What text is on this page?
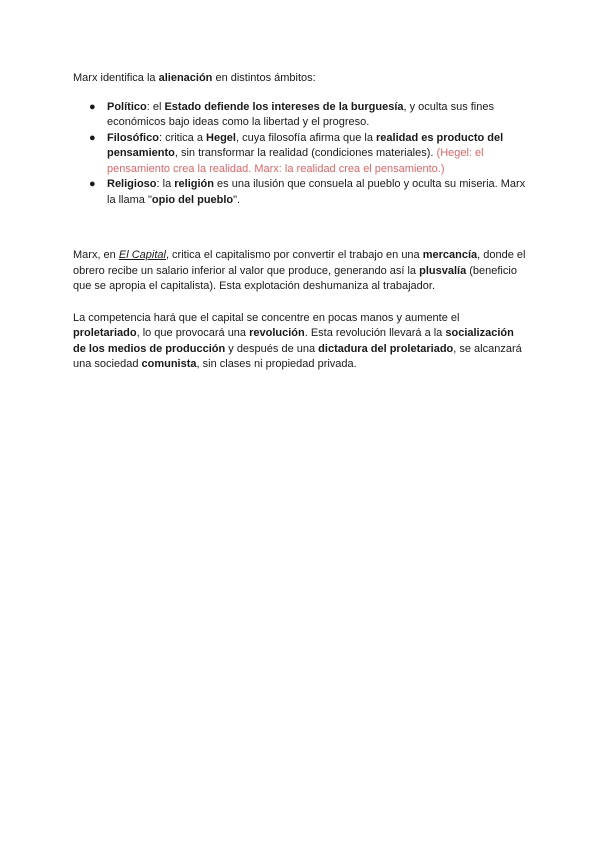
Marx identifica la alienación en distintos ámbitos:

● Político: el Estado defiende los intereses de la burguesía, y oculta sus fines económicos bajo ideas como la libertad y el progreso.
● Filosófico: critica a Hegel, cuya filosofía afirma que la realidad es producto del pensamiento, sin transformar la realidad (condiciones materiales). (Hegel: el pensamiento crea la realidad. Marx: la realidad crea el pensamiento.)
● Religioso: la religión es una ilusión que consuela al pueblo y oculta su miseria. Marx la llama "opio del pueblo".

Marx, en El Capital, critica el capitalismo por convertir el trabajo en una mercancía, donde el obrero recibe un salario inferior al valor que produce, generando así la plusvalía (beneficio que se apropia el capitalista). Esta explotación deshumaniza al trabajador.

La competencia hará que el capital se concentre en pocas manos y aumente el proletariado, lo que provocará una revolución. Esta revolución llevará a la socialización de los medios de producción y después de una dictadura del proletariado, se alcanzará una sociedad comunista, sin clases ni propiedad privada.
